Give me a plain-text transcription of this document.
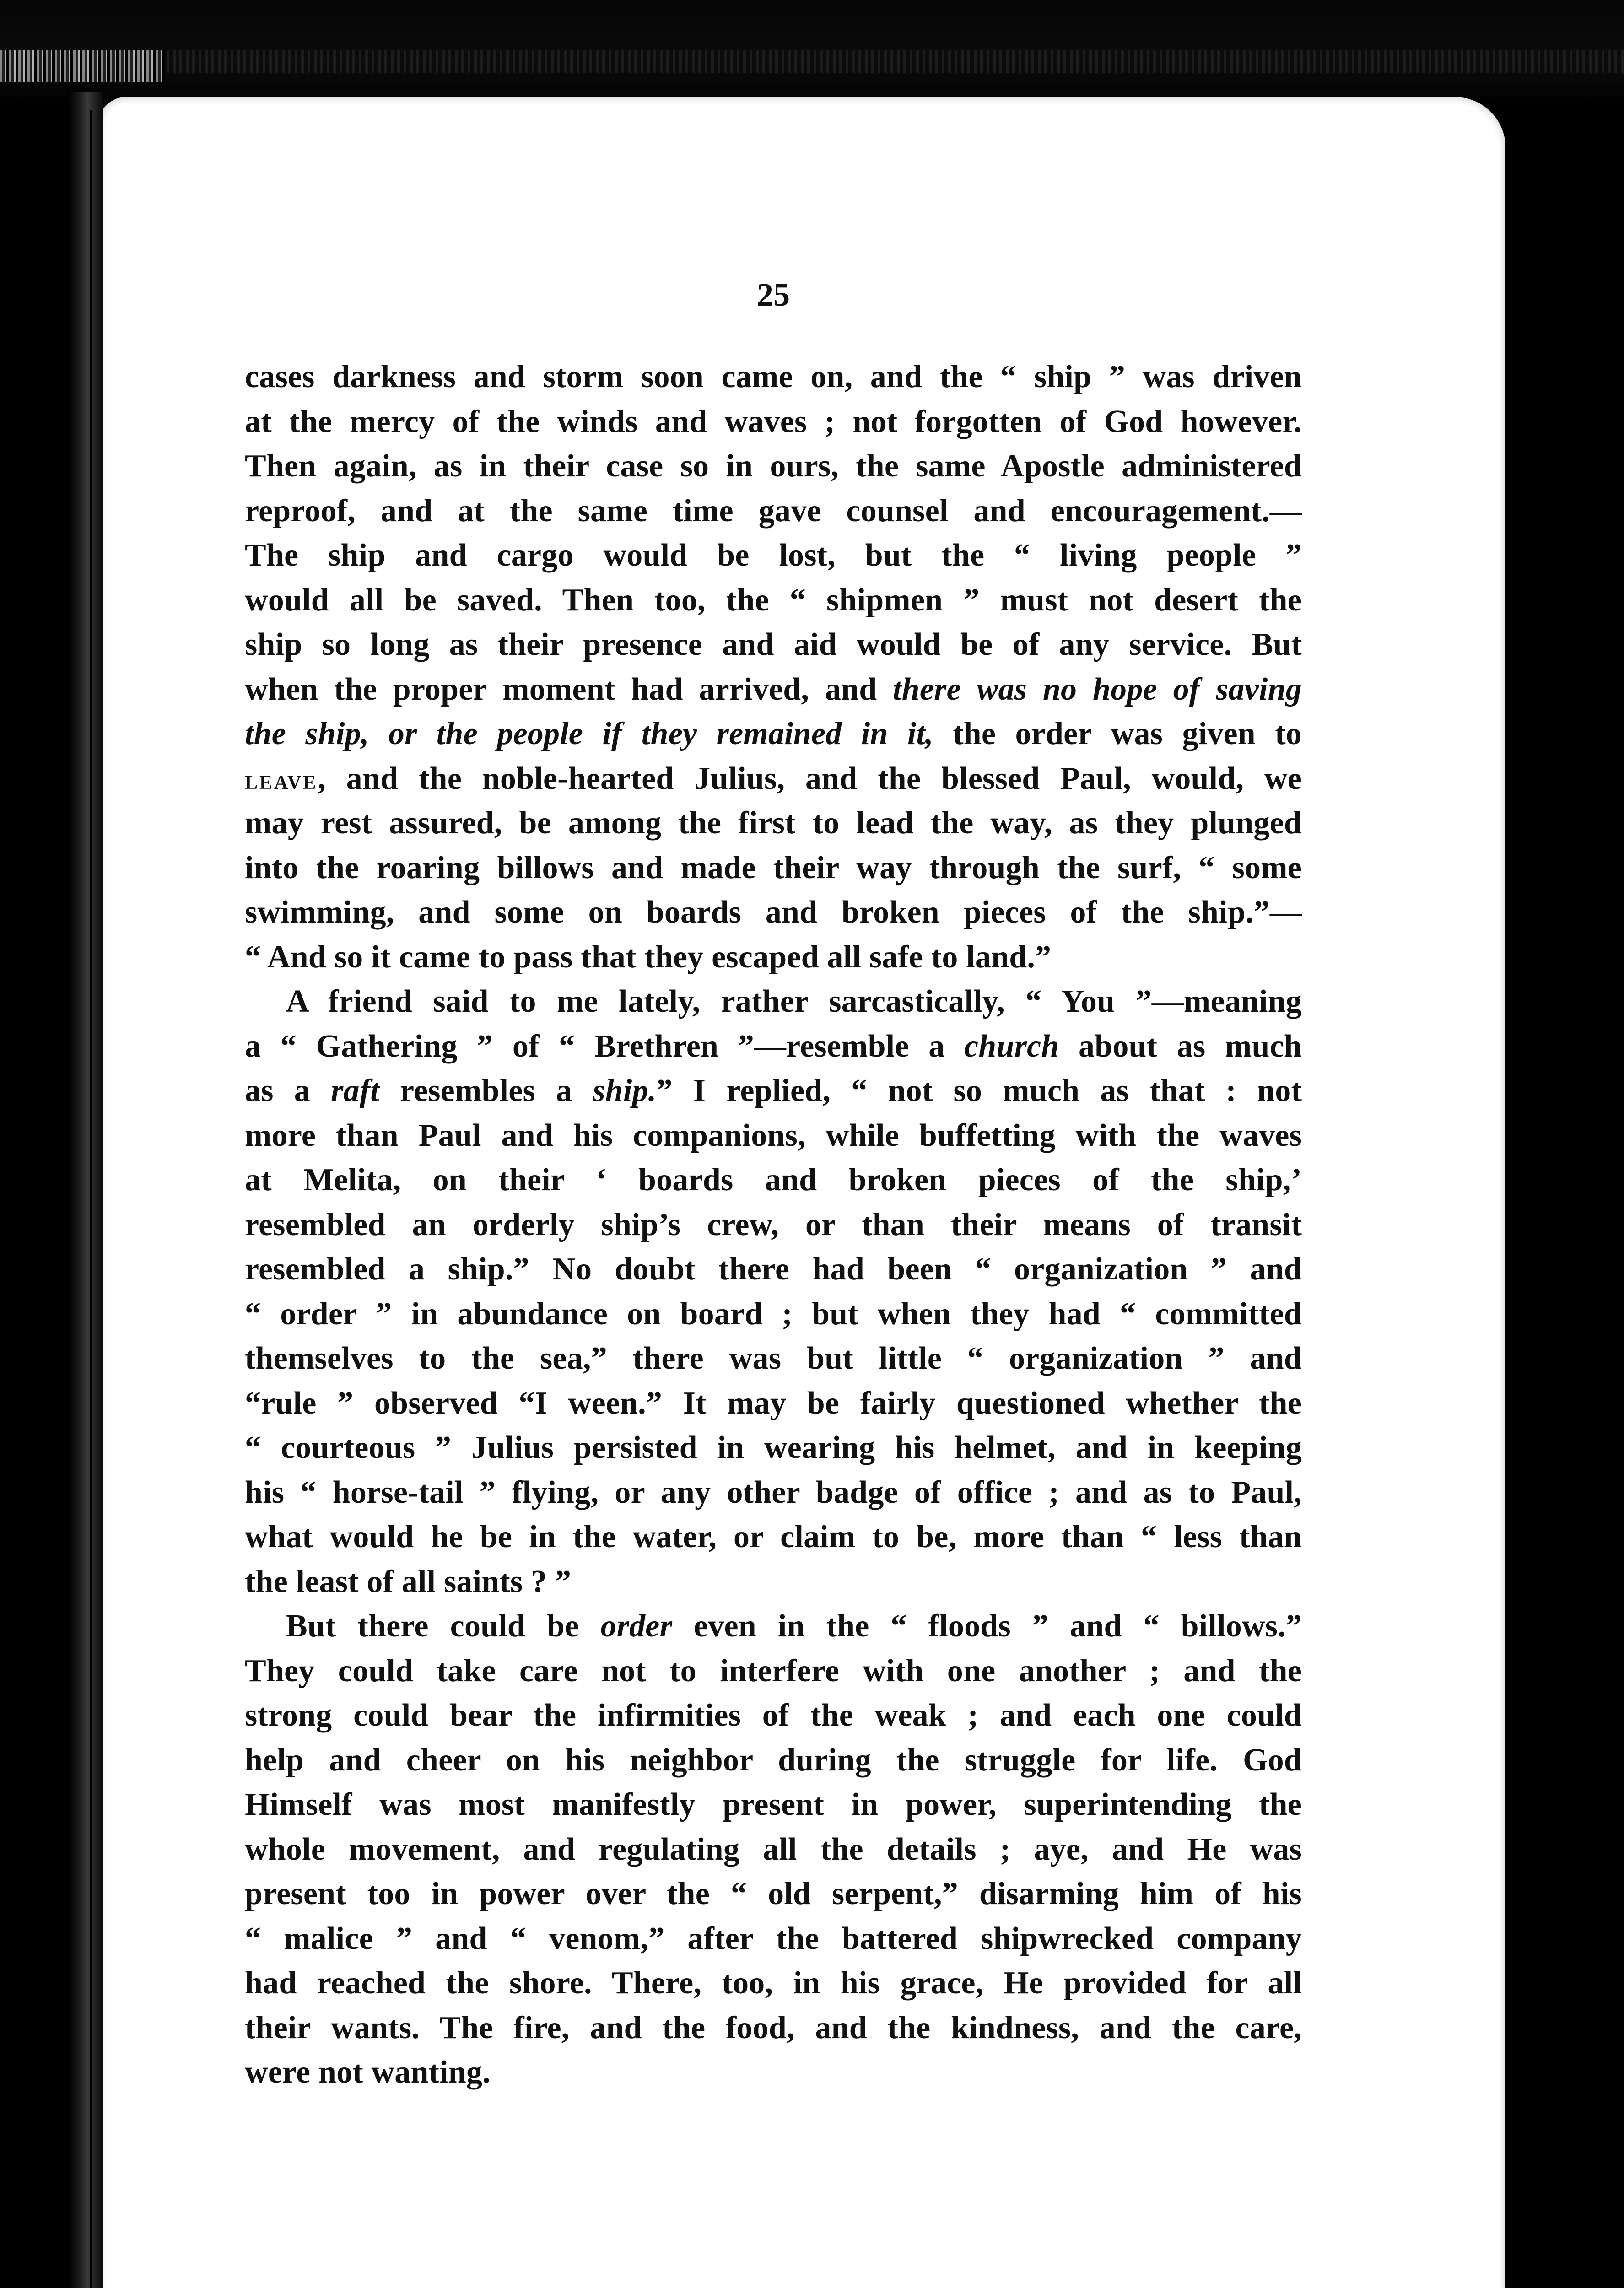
25
cases darkness and storm soon came on, and the “ ship ” was driven
at the mercy of the winds and waves ; not forgotten of God however.
Then again, as in their case so in ours, the same Apostle administered
reproof, and at the same time gave counsel and encouragement.—
The ship and cargo would be lost, but the “ living people ”
would all be saved. Then too, the “ shipmen ” must not desert the
ship so long as their presence and aid would be of any service. But
when the proper moment had arrived, and there was no hope of saving
the ship, or the people if they remained in it, the order was given to
leave, and the noble-hearted Julius, and the blessed Paul, would, we
may rest assured, be among the first to lead the way, as they plunged
into the roaring billows and made their way through the surf, “ some
swimming, and some on boards and broken pieces of the ship.”—
“ And so it came to pass that they escaped all safe to land.”
A friend said to me lately, rather sarcastically, “ You ”—meaning
a “ Gathering ” of “ Brethren ”—resemble a church about as much
as a raft resembles a ship.” I replied, “ not so much as that : not
more than Paul and his companions, while buffetting with the waves
at Melita, on their ‘ boards and broken pieces of the ship,’
resembled an orderly ship’s crew, or than their means of transit
resembled a ship.” No doubt there had been “ organization ” and
“ order ” in abundance on board ; but when they had “ committed
themselves to the sea,” there was but little “ organization ” and
“rule ” observed “I ween.” It may be fairly questioned whether the
“ courteous ” Julius persisted in wearing his helmet, and in keeping
his “ horse-tail ” flying, or any other badge of office ; and as to Paul,
what would he be in the water, or claim to be, more than “ less than
the least of all saints ? ”
But there could be order even in the “ floods ” and “ billows.”
They could take care not to interfere with one another ; and the
strong could bear the infirmities of the weak ; and each one could
help and cheer on his neighbor during the struggle for life. God
Himself was most manifestly present in power, superintending the
whole movement, and regulating all the details ; aye, and He was
present too in power over the “ old serpent,” disarming him of his
“ malice ” and “ venom,” after the battered shipwrecked company
had reached the shore. There, too, in his grace, He provided for all
their wants. The fire, and the food, and the kindness, and the care,
were not wanting.
